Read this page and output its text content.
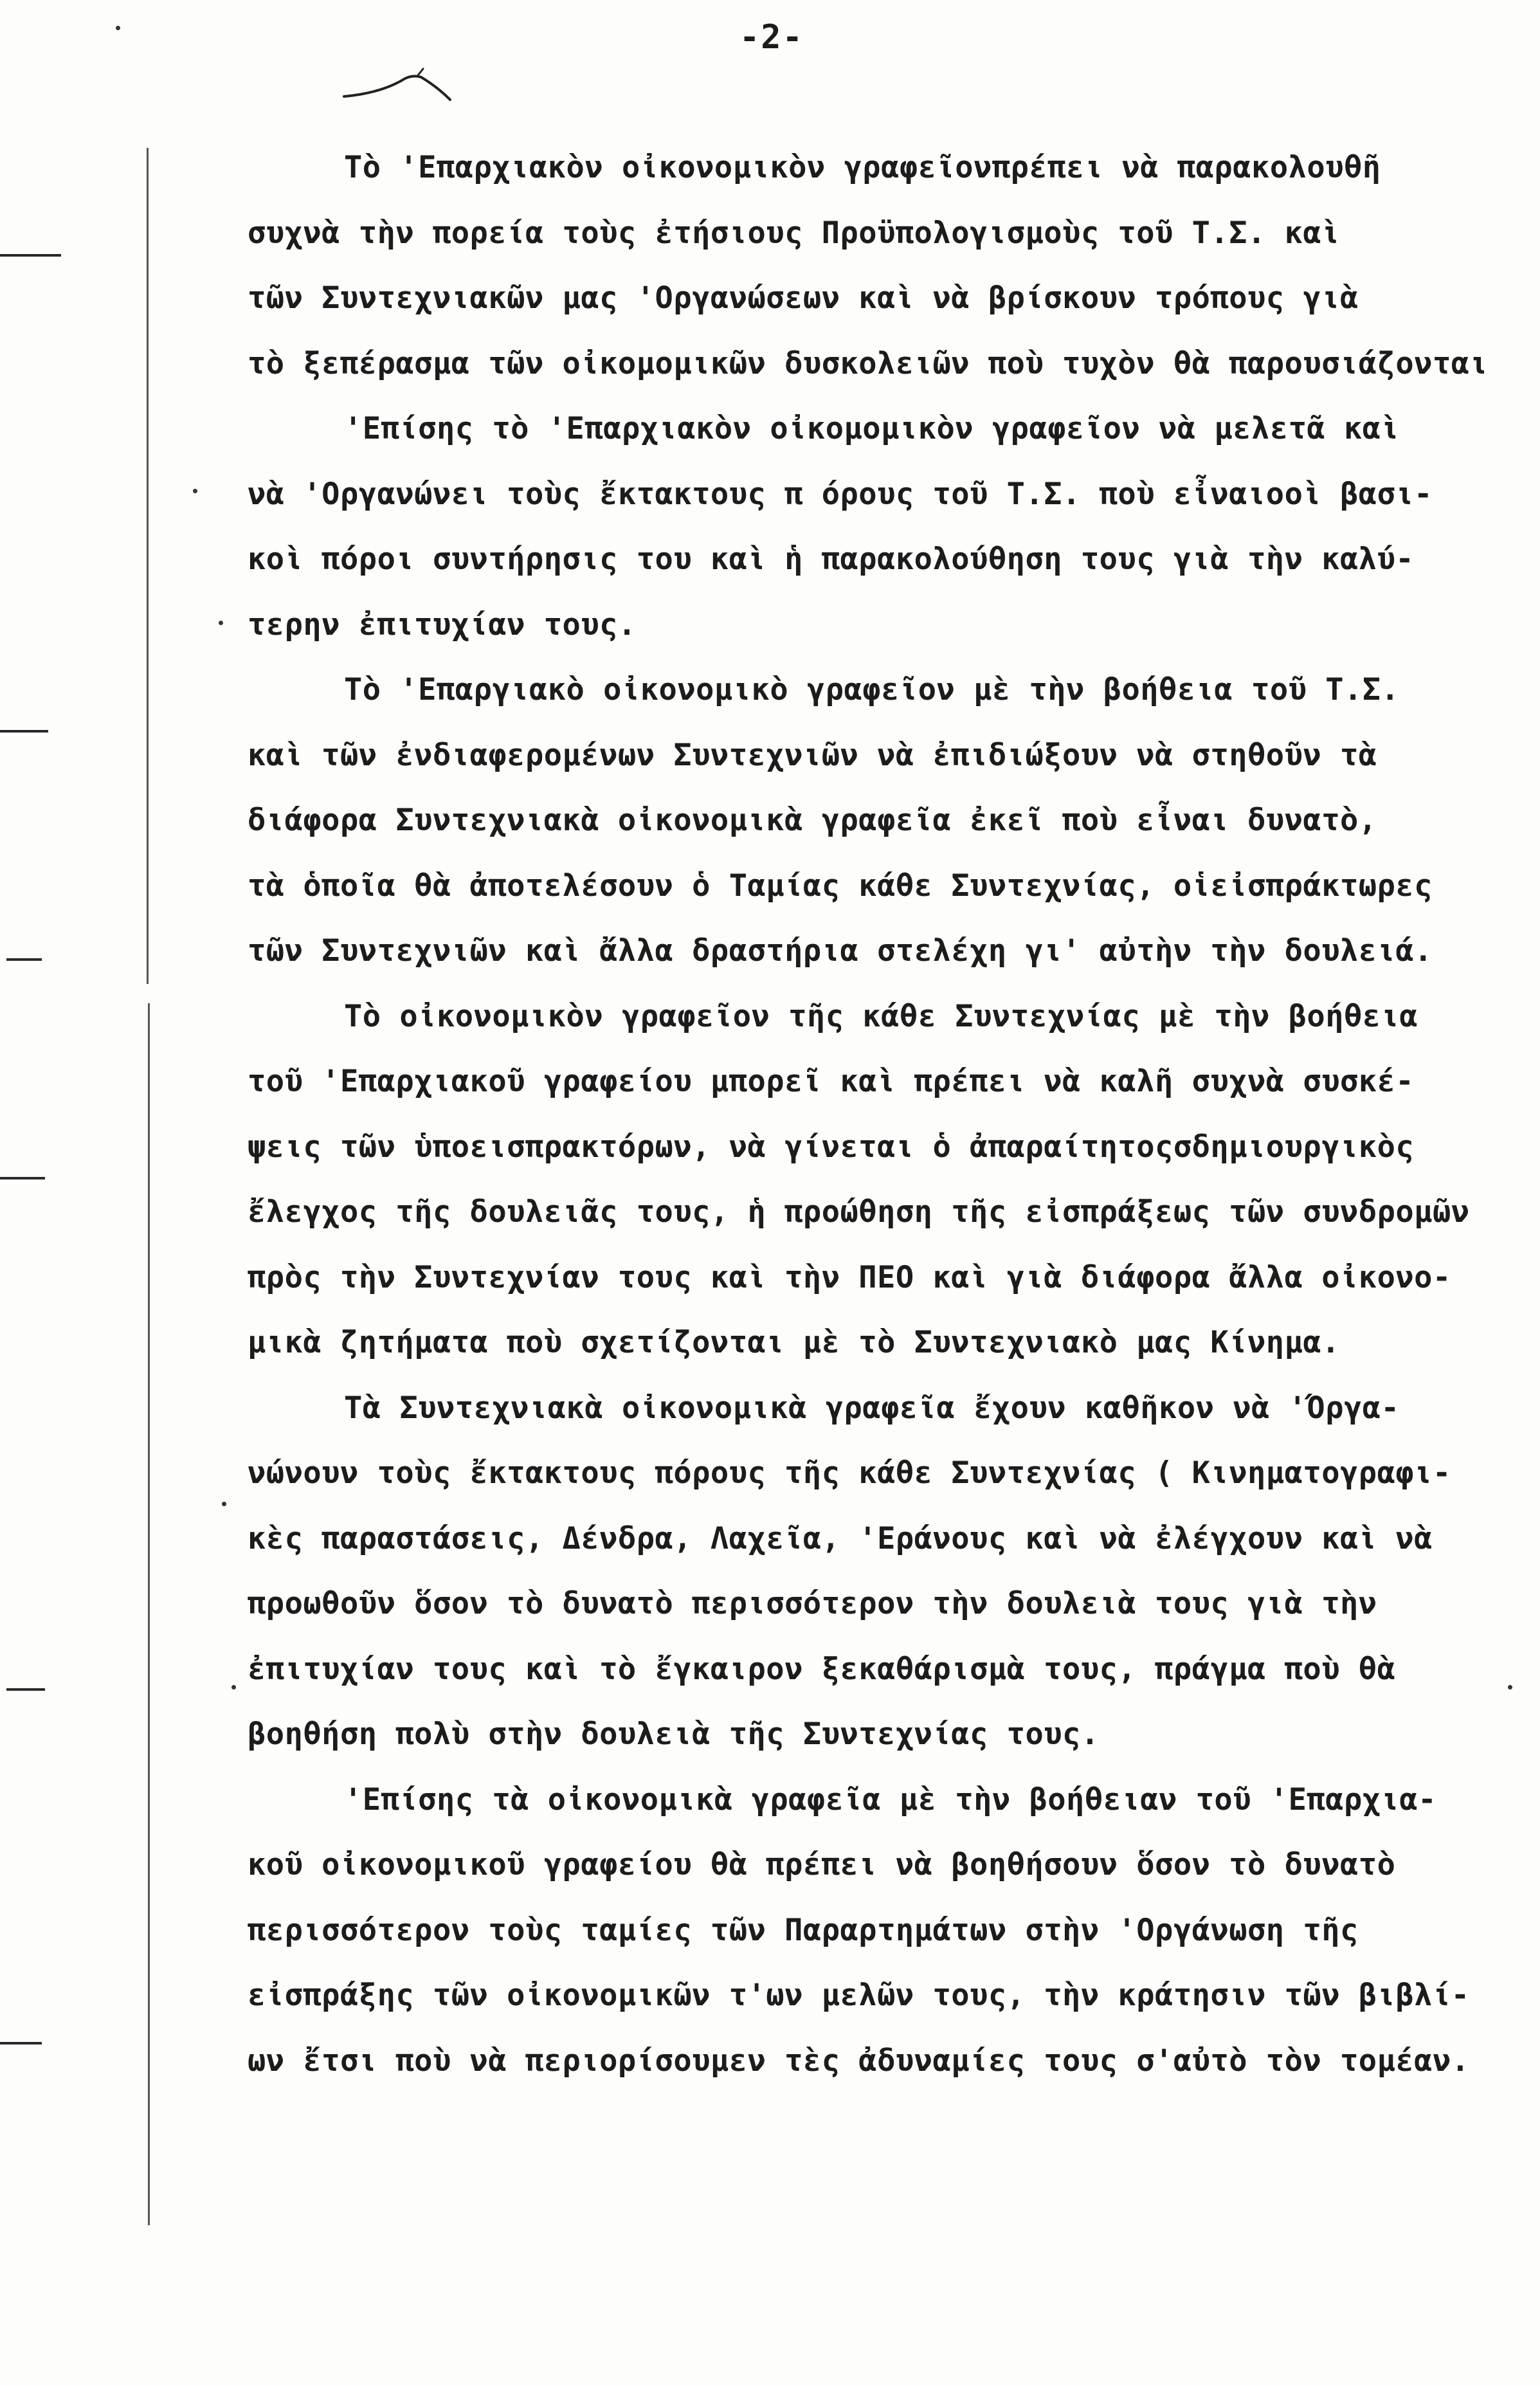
-2-
Τὸ 'Επαρχιακὸν οἰκονομικὸν γραφεῖονπρέπει νὰ παρακολουθῆ
συχνὰ τὴν πορεία τοὺς ἐτήσιους Προϋπολογισμοὺς τοῦ Τ.Σ. καὶ
τῶν Συντεχνιακῶν μας 'Οργανώσεων καὶ νὰ βρίσκουν τρόπους γιὰ
τὸ ξεπέρασμα τῶν οἰκομομικῶν δυσκολειῶν ποὺ τυχὸν θὰ παρουσιάζονται
'Επίσης τὸ 'Επαρχιακὸν οἰκομομικὸν γραφεῖον νὰ μελετᾶ καὶ
νὰ 'Οργανώνει τοὺς ἔκτακτους π όρους τοῦ Τ.Σ. ποὺ εἶναιοοὶ βασι-
κοὶ πόροι συντήρησις του καὶ ἡ παρακολούθηση τους γιὰ τὴν καλύ-
τερην ἐπιτυχίαν τους.
Τὸ 'Επαργιακὸ οἰκονομικὸ γραφεῖον μὲ τὴν βοήθεια τοῦ Τ.Σ.
καὶ τῶν ἐνδιαφερομένων Συντεχνιῶν νὰ ἐπιδιώξουν νὰ στηθοῦν τὰ
διάφορα Συντεχνιακὰ οἰκονομικὰ γραφεῖα ἐκεῖ ποὺ εἶναι δυνατὸ,
τὰ ὁποῖα θὰ ἀποτελέσουν ὁ Ταμίας κάθε Συντεχνίας, οἱεἰσπράκτωρες
τῶν Συντεχνιῶν καὶ ἄλλα δραστήρια στελέχη γι' αὐτὴν τὴν δουλειά.
Τὸ οἰκονομικὸν γραφεῖον τῆς κάθε Συντεχνίας μὲ τὴν βοήθεια
τοῦ 'Επαρχιακοῦ γραφείου μπορεῖ καὶ πρέπει νὰ καλῆ συχνὰ συσκέ-
ψεις τῶν ὑποεισπρακτόρων, νὰ γίνεται ὁ ἀπαραίτητοςσδημιουργικὸς
ἔλεγχος τῆς δουλειᾶς τους, ἡ προώθηση τῆς εἰσπράξεως τῶν συνδρομῶν
πρὸς τὴν Συντεχνίαν τους καὶ τὴν ΠΕΟ καὶ γιὰ διάφορα ἄλλα οἰκονο-
μικὰ ζητήματα ποὺ σχετίζονται μὲ τὸ Συντεχνιακὸ μας Κίνημα.
Τὰ Συντεχνιακὰ οἰκονομικὰ γραφεῖα ἔχουν καθῆκον νὰ 'Όργα-
νώνουν τοὺς ἔκτακτους πόρους τῆς κάθε Συντεχνίας ( Κινηματογραφι-
κὲς παραστάσεις, Δένδρα, Λαχεῖα, 'Εράνους καὶ νὰ ἐλέγχουν καὶ νὰ
προωθοῦν ὅσον τὸ δυνατὸ περισσότερον τὴν δουλειὰ τους γιὰ τὴν
ἐπιτυχίαν τους καὶ τὸ ἔγκαιρον ξεκαθάρισμὰ τους, πράγμα ποὺ θὰ
βοηθήση πολὺ στὴν δουλειὰ τῆς Συντεχνίας τους.
'Επίσης τὰ οἰκονομικὰ γραφεῖα μὲ τὴν βοήθειαν τοῦ 'Επαρχια-
κοῦ οἰκονομικοῦ γραφείου θὰ πρέπει νὰ βοηθήσουν ὅσον τὸ δυνατὸ
περισσότερον τοὺς ταμίες τῶν Παραρτημάτων στὴν 'Οργάνωση τῆς
εἰσπράξης τῶν οἰκονομικῶν τ'ων μελῶν τους, τὴν κράτησιν τῶν βιβλί-
ων ἔτσι ποὺ νὰ περιορίσουμεν τὲς ἀδυναμίες τους σ'αὐτὸ τὸν τομέαν.
